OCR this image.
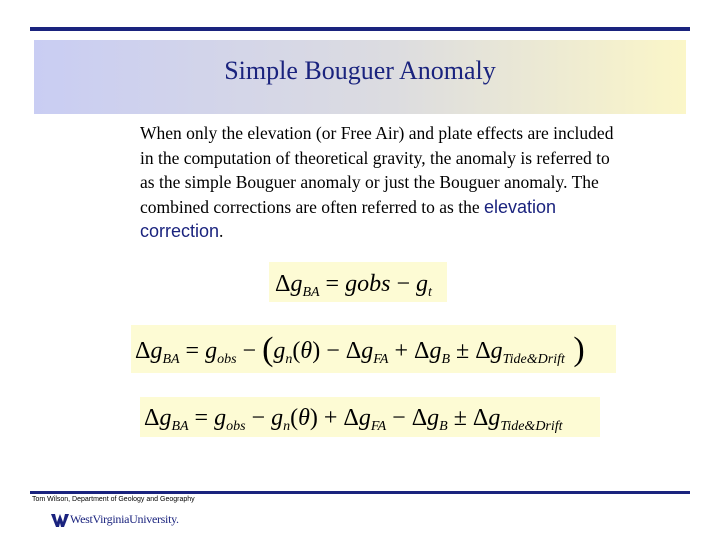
Simple Bouguer Anomaly
When only the elevation (or Free Air) and plate effects are included in the computation of theoretical gravity, the anomaly is referred to as the simple Bouguer anomaly or just the Bouguer anomaly. The combined corrections are often referred to as the elevation correction.
$\Delta g_{BA}$ = gobs − $g_t$
$\Delta g_{BA} = g_{obs} - (g_n(\theta) - \Delta g_{FA} + \Delta g_B \pm \Delta g_{Tide\&Drift}$ )
$\Delta g_{BA} = g_{obs} - g_n(\theta) + \Delta g_{FA} - \Delta g_B \pm \Delta g_{Tide\&Drift}$
Tom Wilson, Department of Geology and Geography
WestVirginiaUniversity.
